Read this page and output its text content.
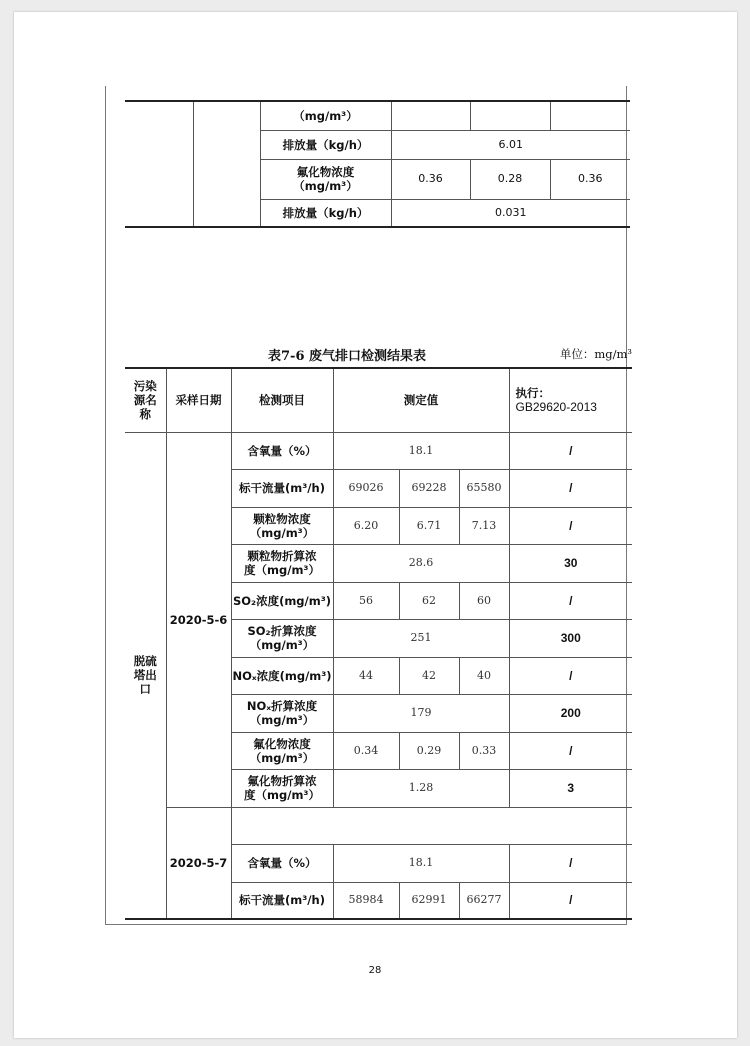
		（mg/m³）			
		排放量（kg/h）	6.01		

		氟化物浓度
（mg/m³）	0.36	0.28	0.36
		排放量（kg/h）	0.031		
表7-6 废气排口检测结果表	单位：mg/m³
污染源名称	采样日期	检测项目	测定值			执行：
GB29620-2013

脱硫塔出口	2020-5-6	含氧量（%）	18.1			/
		标干流量(m³/h)	69026	69228	65580	/

		颗粒物浓度
（mg/m³）	6.20	6.71	7.13	/

		颗粒物折算浓
度（mg/m³）	28.6			30
		SO₂浓度(mg/m³)	56	62	60	/

		SO₂折算浓度
（mg/m³）	251			300
		NOₓ浓度(mg/m³)	44	42	40	/

		NOₓ折算浓度
（mg/m³）	179			200

		氟化物浓度
（mg/m³）	0.34	0.29	0.33	/

		氟化物折算浓
度（mg/m³）	1.28			3
	2020-5-7					
		含氧量（%）	18.1			/
		标干流量(m³/h)	58984	62991	66277	/
28
